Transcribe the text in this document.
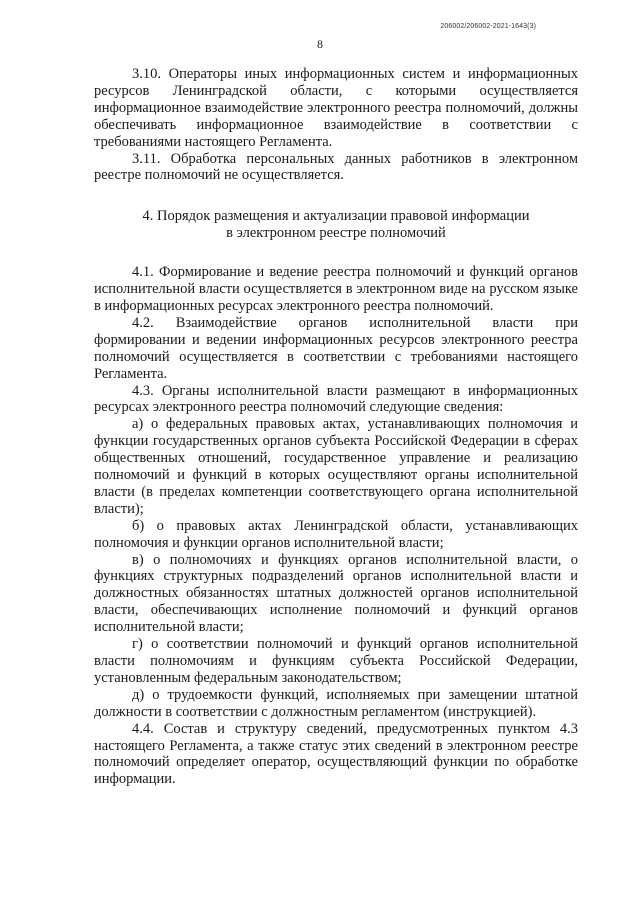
206002/206002-2021-1643(3)
8

3.10. Операторы иных информационных систем и информационных ресурсов Ленинградской области, с которыми осуществляется информационное взаимодействие электронного реестра полномочий, должны обеспечивать информационное взаимодействие в соответствии с требованиями настоящего Регламента.

3.11. Обработка персональных данных работников в электронном реестре полномочий не осуществляется.

4. Порядок размещения и актуализации правовой информации
в электронном реестре полномочий

4.1. Формирование и ведение реестра полномочий и функций органов исполнительной власти осуществляется в электронном виде на русском языке в информационных ресурсах электронного реестра полномочий.

4.2. Взаимодействие органов исполнительной власти при формировании и ведении информационных ресурсов электронного реестра полномочий осуществляется в соответствии с требованиями настоящего Регламента.

4.3. Органы исполнительной власти размещают в информационных ресурсах электронного реестра полномочий следующие сведения:

а) о федеральных правовых актах, устанавливающих полномочия и функции государственных органов субъекта Российской Федерации в сферах общественных отношений, государственное управление и реализацию полномочий и функций в которых осуществляют органы исполнительной власти (в пределах компетенции соответствующего органа исполнительной власти);

б) о правовых актах Ленинградской области, устанавливающих полномочия и функции органов исполнительной власти;

в) о полномочиях и функциях органов исполнительной власти, о функциях структурных подразделений органов исполнительной власти и должностных обязанностях штатных должностей органов исполнительной власти, обеспечивающих исполнение полномочий и функций органов исполнительной власти;

г) о соответствии полномочий и функций органов исполнительной власти полномочиям и функциям субъекта Российской Федерации, установленным федеральным законодательством;

д) о трудоемкости функций, исполняемых при замещении штатной должности в соответствии с должностным регламентом (инструкцией).

4.4. Состав и структуру сведений, предусмотренных пунктом 4.3 настоящего Регламента, а также статус этих сведений в электронном реестре полномочий определяет оператор, осуществляющий функции по обработке информации.
